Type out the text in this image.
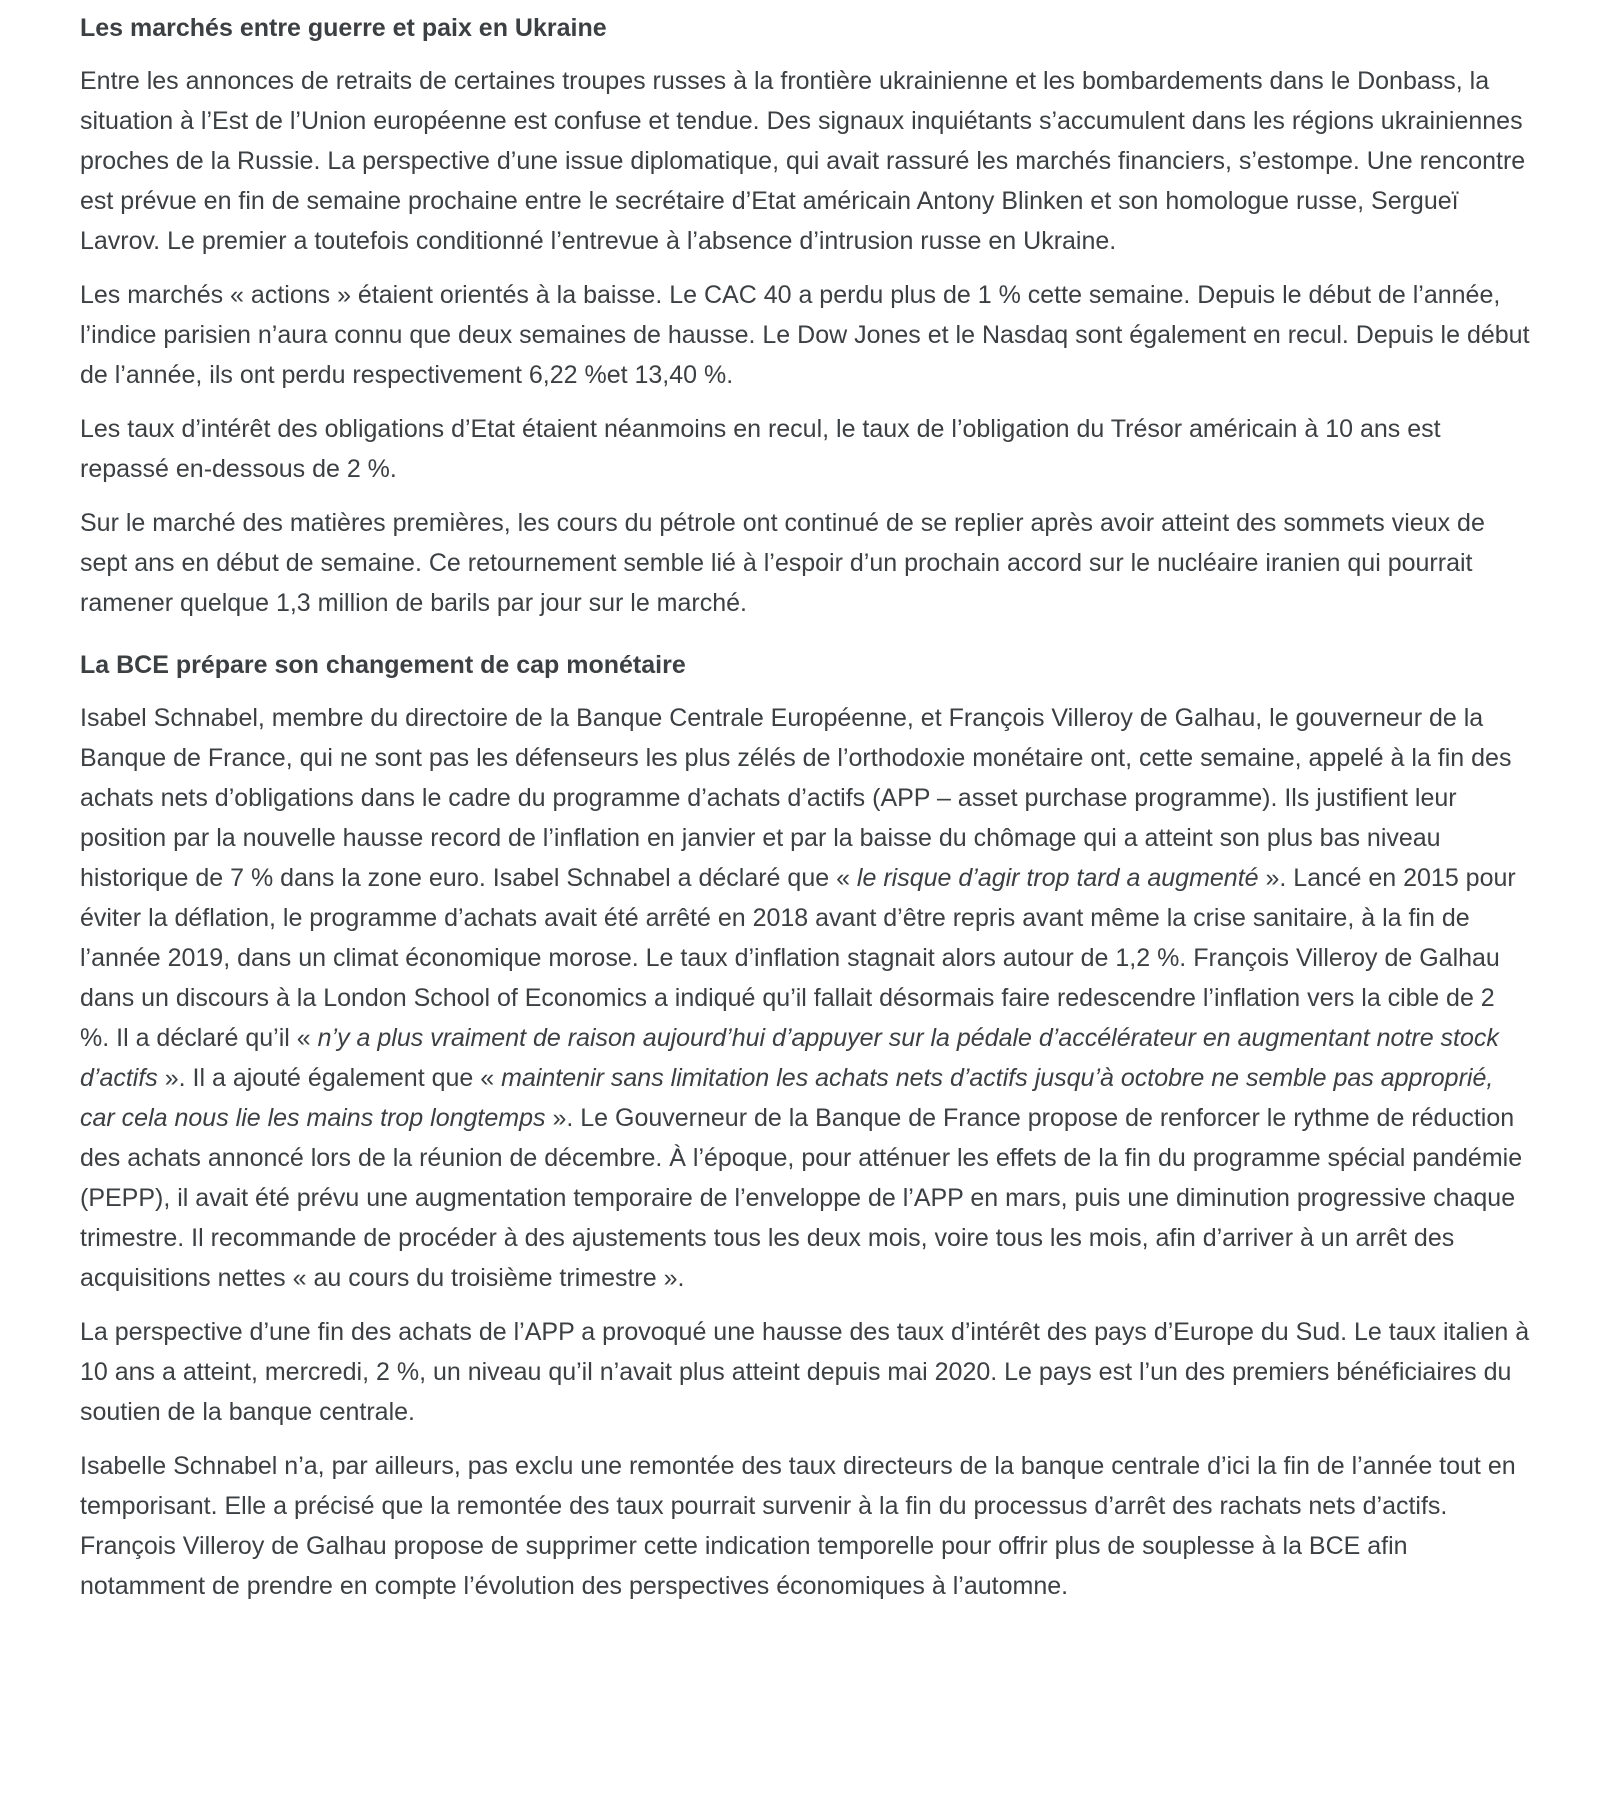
Les marchés entre guerre et paix en Ukraine

Entre les annonces de retraits de certaines troupes russes à la frontière ukrainienne et les bombardements dans le Donbass, la situation à l’Est de l’Union européenne est confuse et tendue. Des signaux inquiétants s’accumulent dans les régions ukrainiennes proches de la Russie. La perspective d’une issue diplomatique, qui avait rassuré les marchés financiers, s’estompe. Une rencontre est prévue en fin de semaine prochaine entre le secrétaire d’Etat américain Antony Blinken et son homologue russe, Sergueï Lavrov. Le premier a toutefois conditionné l’entrevue à l’absence d’intrusion russe en Ukraine.

Les marchés « actions » étaient orientés à la baisse. Le CAC 40 a perdu plus de 1 % cette semaine. Depuis le début de l’année, l’indice parisien n’aura connu que deux semaines de hausse. Le Dow Jones et le Nasdaq sont également en recul. Depuis le début de l’année, ils ont perdu respectivement 6,22 %et 13,40 %.

Les taux d’intérêt des obligations d’Etat étaient néanmoins en recul, le taux de l’obligation du Trésor américain à 10 ans est repassé en-dessous de 2 %.

Sur le marché des matières premières, les cours du pétrole ont continué de se replier après avoir atteint des sommets vieux de sept ans en début de semaine. Ce retournement semble lié à l’espoir d’un prochain accord sur le nucléaire iranien qui pourrait ramener quelque 1,3 million de barils par jour sur le marché.

La BCE prépare son changement de cap monétaire

Isabel Schnabel, membre du directoire de la Banque Centrale Européenne, et François Villeroy de Galhau, le gouverneur de la Banque de France, qui ne sont pas les défenseurs les plus zélés de l’orthodoxie monétaire ont, cette semaine, appelé à la fin des achats nets d’obligations dans le cadre du programme d’achats d’actifs (APP – asset purchase programme). Ils justifient leur position par la nouvelle hausse record de l’inflation en janvier et par la baisse du chômage qui a atteint son plus bas niveau historique de 7 % dans la zone euro. Isabel Schnabel a déclaré que « le risque d’agir trop tard a augmenté ». Lancé en 2015 pour éviter la déflation, le programme d’achats avait été arrêté en 2018 avant d’être repris avant même la crise sanitaire, à la fin de l’année 2019, dans un climat économique morose. Le taux d’inflation stagnait alors autour de 1,2 %. François Villeroy de Galhau dans un discours à la London School of Economics a indiqué qu’il fallait désormais faire redescendre l’inflation vers la cible de 2 %. Il a déclaré qu’il « n’y a plus vraiment de raison aujourd’hui d’appuyer sur la pédale d’accélérateur en augmentant notre stock d’actifs ». Il a ajouté également que « maintenir sans limitation les achats nets d’actifs jusqu’à octobre ne semble pas approprié, car cela nous lie les mains trop longtemps ». Le Gouverneur de la Banque de France propose de renforcer le rythme de réduction des achats annoncé lors de la réunion de décembre. À l’époque, pour atténuer les effets de la fin du programme spécial pandémie (PEPP), il avait été prévu une augmentation temporaire de l’enveloppe de l’APP en mars, puis une diminution progressive chaque trimestre. Il recommande de procéder à des ajustements tous les deux mois, voire tous les mois, afin d’arriver à un arrêt des acquisitions nettes « au cours du troisième trimestre ».

La perspective d’une fin des achats de l’APP a provoqué une hausse des taux d’intérêt des pays d’Europe du Sud. Le taux italien à 10 ans a atteint, mercredi, 2 %, un niveau qu’il n’avait plus atteint depuis mai 2020. Le pays est l’un des premiers bénéficiaires du soutien de la banque centrale.

Isabelle Schnabel n’a, par ailleurs, pas exclu une remontée des taux directeurs de la banque centrale d’ici la fin de l’année tout en temporisant. Elle a précisé que la remontée des taux pourrait survenir à la fin du processus d’arrêt des rachats nets d’actifs. François Villeroy de Galhau propose de supprimer cette indication temporelle pour offrir plus de souplesse à la BCE afin notamment de prendre en compte l’évolution des perspectives économiques à l’automne.
